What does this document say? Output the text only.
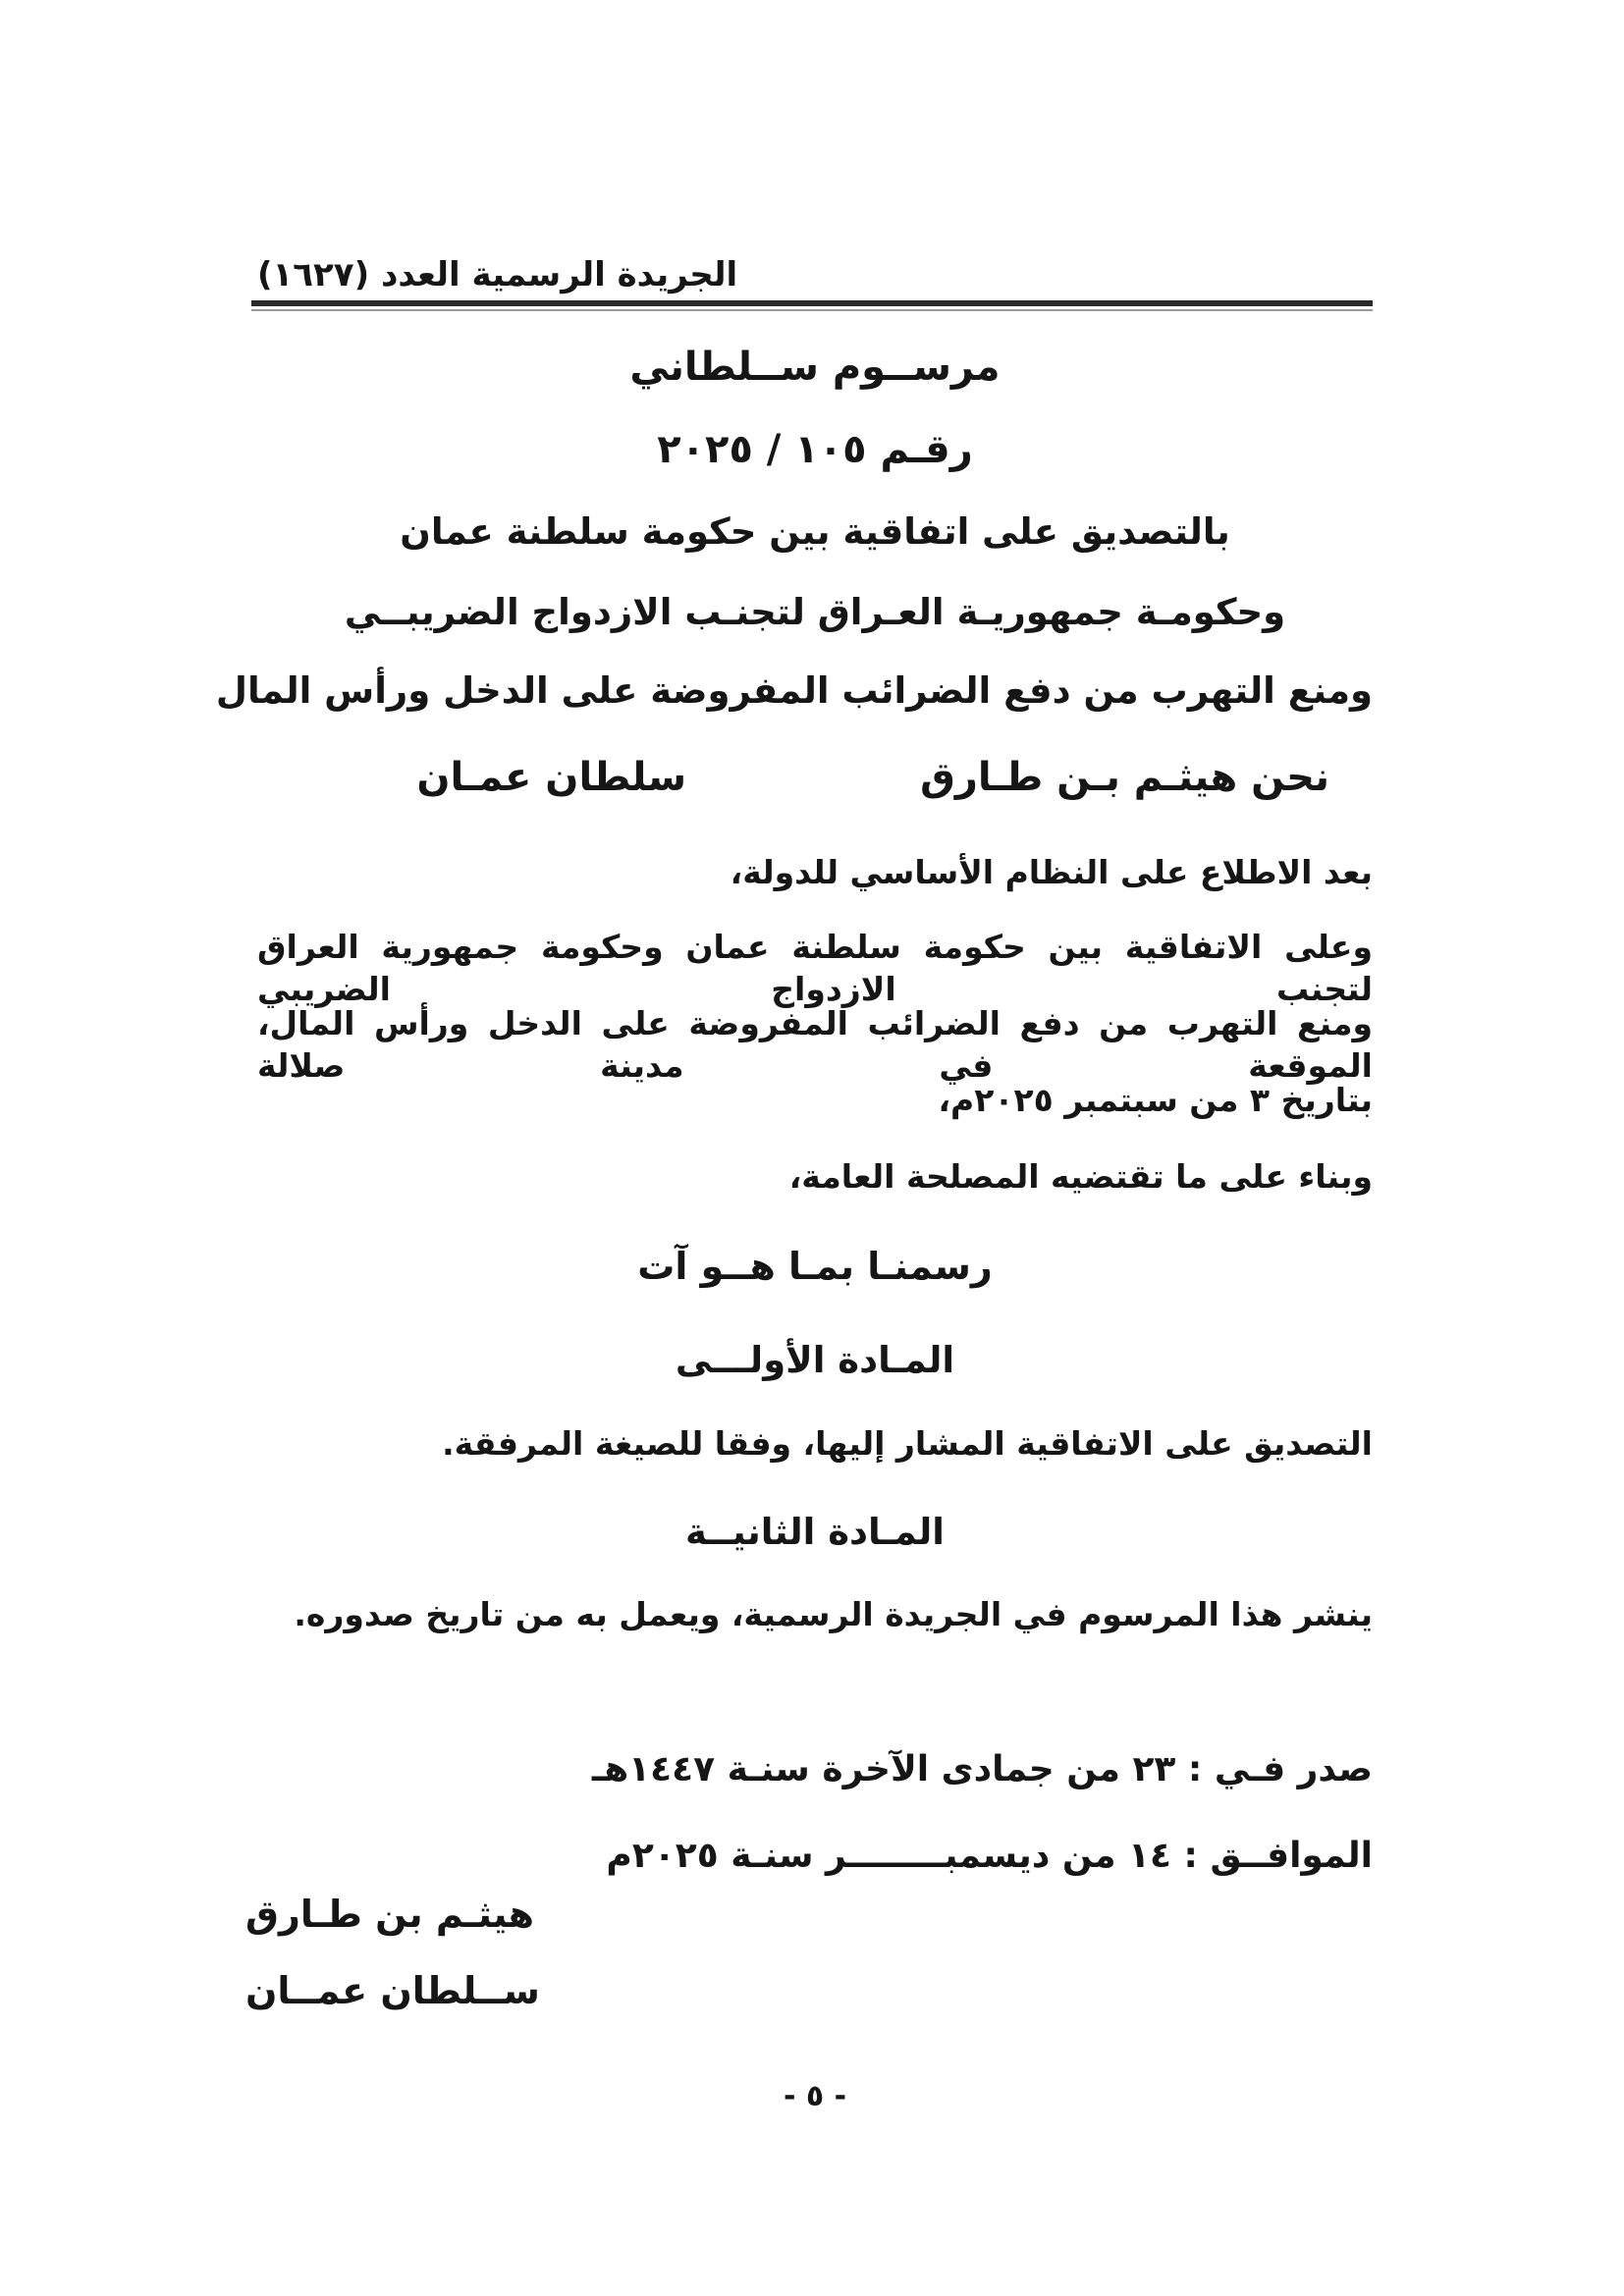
الجريدة الرسمية العدد (١٦٢٧)
مرســوم ســلطاني
رقـم ١٠٥ / ٢٠٢٥
بالتصديق على اتفاقية بين حكومة سلطنة عمان
وحكومـة جمهوريـة العـراق لتجنـب الازدواج الضريبــي
ومنع التهرب من دفع الضرائب المفروضة على الدخل ورأس المال
نحن هيثـم بـن طـارق
سلطان عمـان
بعد الاطلاع على النظام الأساسي للدولة،
وعلى الاتفاقية بين حكومة سلطنة عمان وحكومة جمهورية العراق لتجنب الازدواج الضريبي
ومنع التهرب من دفع الضرائب المفروضة على الدخل ورأس المال، الموقعة في مدينة صلالة
بتاريخ ٣ من سبتمبر ٢٠٢٥م،
وبناء على ما تقتضيه المصلحة العامة،
رسمنـا بمـا هــو آت
المـادة الأولـــى
التصديق على الاتفاقية المشار إليها، وفقا للصيغة المرفقة.
المـادة الثانيــة
ينشر هذا المرسوم في الجريدة الرسمية، ويعمل به من تاريخ صدوره.
صدر فـي : ٢٣ من جمادى الآخرة سنـة ١٤٤٧هـ
الموافــق : ١٤ من ديسمبــــــــر سنـة ٢٠٢٥م
هيثـم بن طـارق
ســلطان عمــان
- ٥ -
